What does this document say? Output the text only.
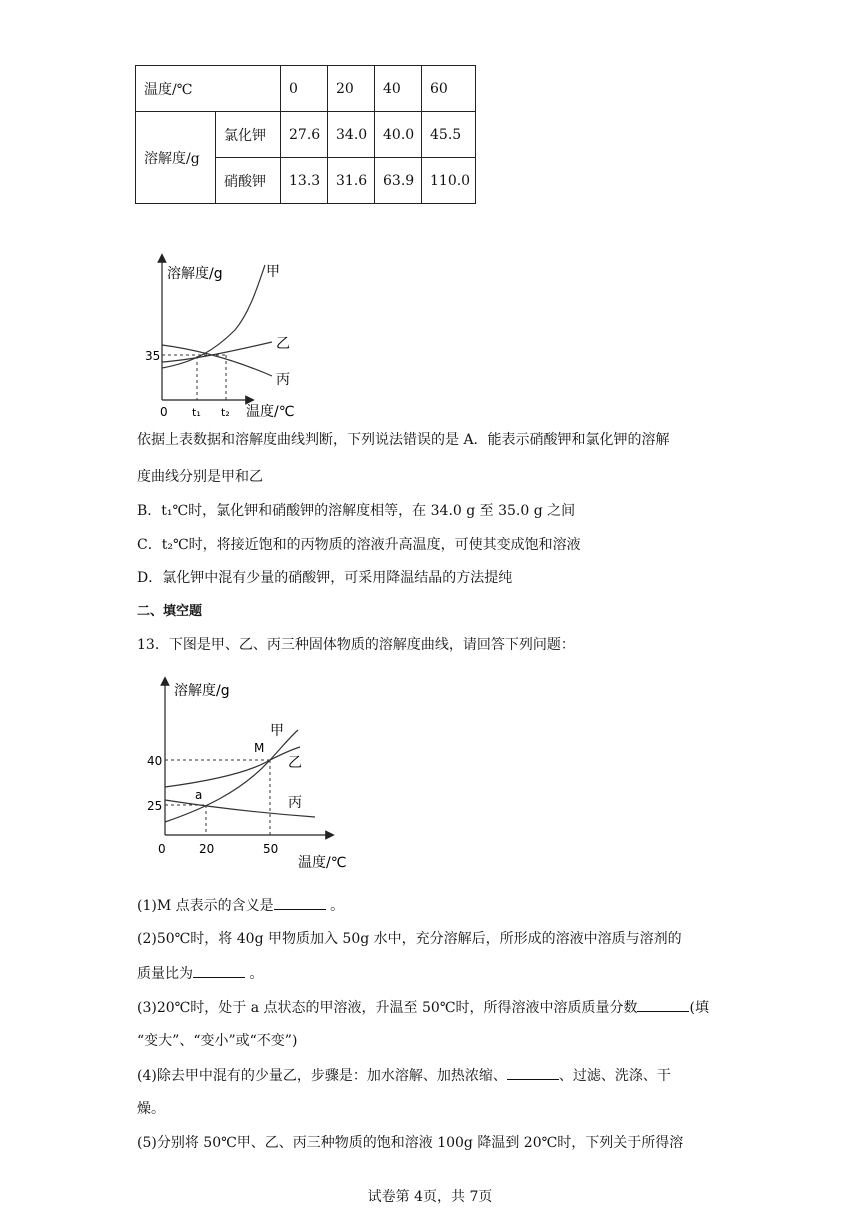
温度/℃		0	20	40	60
溶解度/g	氯化钾	27.6	34.0	40.0	45.5
	硝酸钾	13.3	31.6	63.9	110.0
溶解度/g	甲
乙
丙
35
0 t₁ t₂ 温度/℃
依据上表数据和溶解度曲线判断，下列说法错误的是 A．能表示硝酸钾和氯化钾的溶解
度曲线分别是甲和乙
B．t₁℃时，氯化钾和硝酸钾的溶解度相等，在 34.0 g 至 35.0 g 之间
C．t₂℃时，将接近饱和的丙物质的溶液升高温度，可使其变成饱和溶液
D．氯化钾中混有少量的硝酸钾，可采用降温结晶的方法提纯
二、填空题
13．下图是甲、乙、丙三种固体物质的溶解度曲线，请回答下列问题：
溶解度/g
甲
乙
丙
M
a
40
25
0	20	50
温度/℃
(1)M 点表示的含义是	。
(2)50℃时，将 40g 甲物质加入 50g 水中，充分溶解后，所形成的溶液中溶质与溶剂的
质量比为	。
(3)20℃时，处于 a 点状态的甲溶液，升温至 50℃时，所得溶液中溶质质量分数	(填
“变大”、“变小”或“不变”)
(4)除去甲中混有的少量乙，步骤是：加水溶解、加热浓缩、	、过滤、洗涤、干
燥。
(5)分别将 50℃甲、乙、丙三种物质的饱和溶液 100g 降温到 20℃时，下列关于所得溶
试卷第 4页，共 7页
